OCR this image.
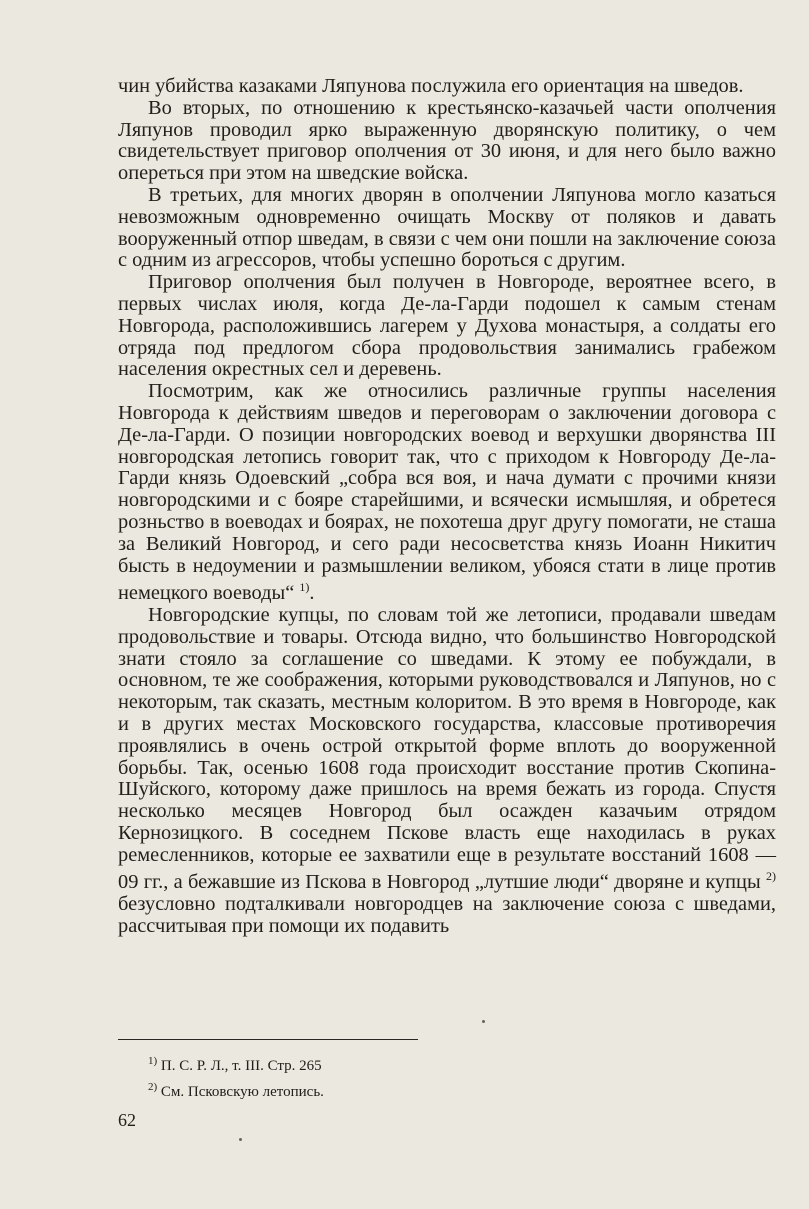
чин убийства казаками Ляпунова послужила его ориентация на шведов.

Во вторых, по отношению к крестьянско-казачьей части ополчения Ляпунов проводил ярко выраженную дворянскую политику, о чем свидетельствует приговор ополчения от 30 июня, и для него было важно опереться при этом на шведские войска.

В третьих, для многих дворян в ополчении Ляпунова могло казаться невозможным одновременно очищать Москву от поляков и давать вооруженный отпор шведам, в связи с чем они пошли на заключение союза с одним из агрессоров, чтобы успешно бороться с другим.

Приговор ополчения был получен в Новгороде, вероятнее всего, в первых числах июля, когда Де-ла-Гарди подошел к самым стенам Новгорода, расположившись лагерем у Духова монастыря, а солдаты его отряда под предлогом сбора продовольствия занимались грабежом населения окрестных сел и деревень.

Посмотрим, как же относились различные группы населения Новгорода к действиям шведов и переговорам о заключении договора с Де-ла-Гарди. О позиции новгородских воевод и верхушки дворянства III новгородская летопись говорит так, что с приходом к Новгороду Де-ла-Гарди князь Одоевский „собра вся воя, и нача думати с прочими князи новгородскими и с бояре старейшими, и всячески исмышляя, и обретеся розньство в воеводах и боярах, не похотеша друг другу помогати, не сташа за Великий Новгород, и сего ради несосветства князь Иоанн Никитич бысть в недоумении и размышлении великом, убояся стати в лице против немецкого воеводы“ $^{1)}$.

Новгородские купцы, по словам той же летописи, продавали шведам продовольствие и товары. Отсюда видно, что большинство Новгородской знати стояло за соглашение со шведами. К этому ее побуждали, в основном, те же соображения, которыми руководствовался и Ляпунов, но с некоторым, так сказать, местным колоритом. В это время в Новгороде, как и в других местах Московского государства, классовые противоречия проявлялись в очень острой открытой форме вплоть до вооруженной борьбы. Так, осенью 1608 года происходит восстание против Скопина-Шуйского, которому даже пришлось на время бежать из города. Спустя несколько месяцев Новгород был осажден казачьим отрядом Кернозицкого. В соседнем Пскове власть еще находилась в руках ремесленников, которые ее захватили еще в результате восстаний 1608 — 09 гг., а бежавшие из Пскова в Новгород „лутшие люди“ дворяне и купцы $^{2)}$ безусловно подталкивали новгородцев на заключение союза с шведами, рассчитывая при помощи их подавить

$^{1)}$ П. С. Р. Л., т. III. Стр. 265
$^{2)}$ См. Псковскую летопись.
62
